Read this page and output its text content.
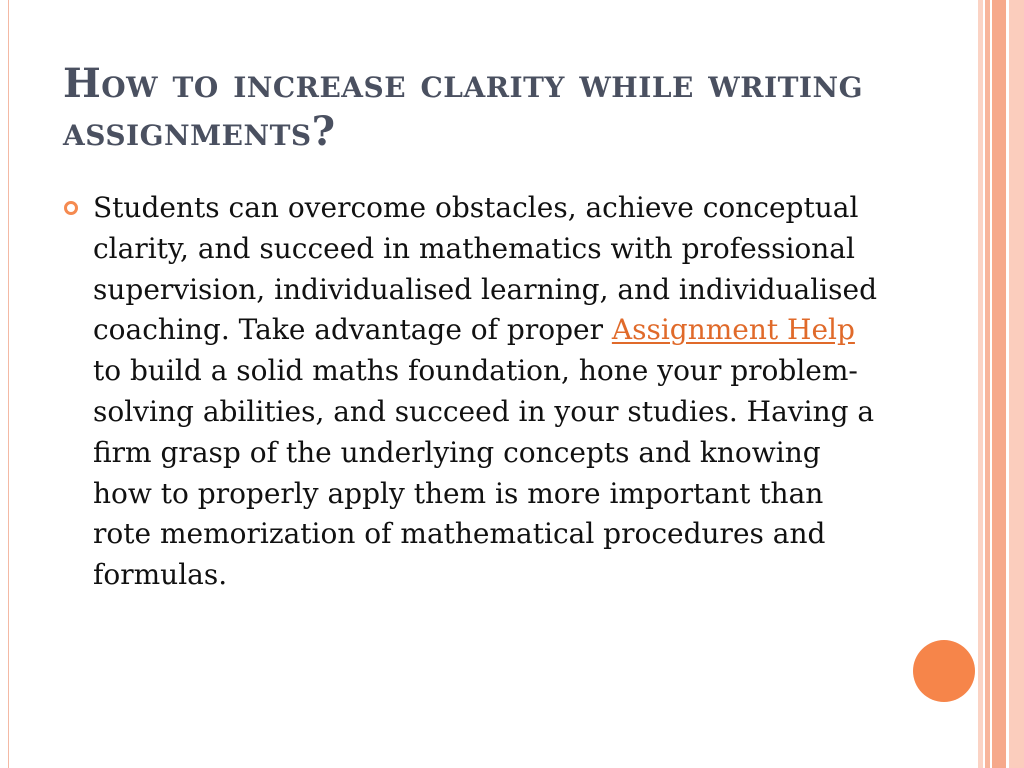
How to increase clarity while writing
assignments?

Students can overcome obstacles, achieve conceptual clarity, and succeed in mathematics with professional supervision, individualised learning, and individualised coaching. Take advantage of proper Assignment Help to build a solid maths foundation, hone your problem-solving abilities, and succeed in your studies. Having a firm grasp of the underlying concepts and knowing how to properly apply them is more important than rote memorization of mathematical procedures and formulas.
